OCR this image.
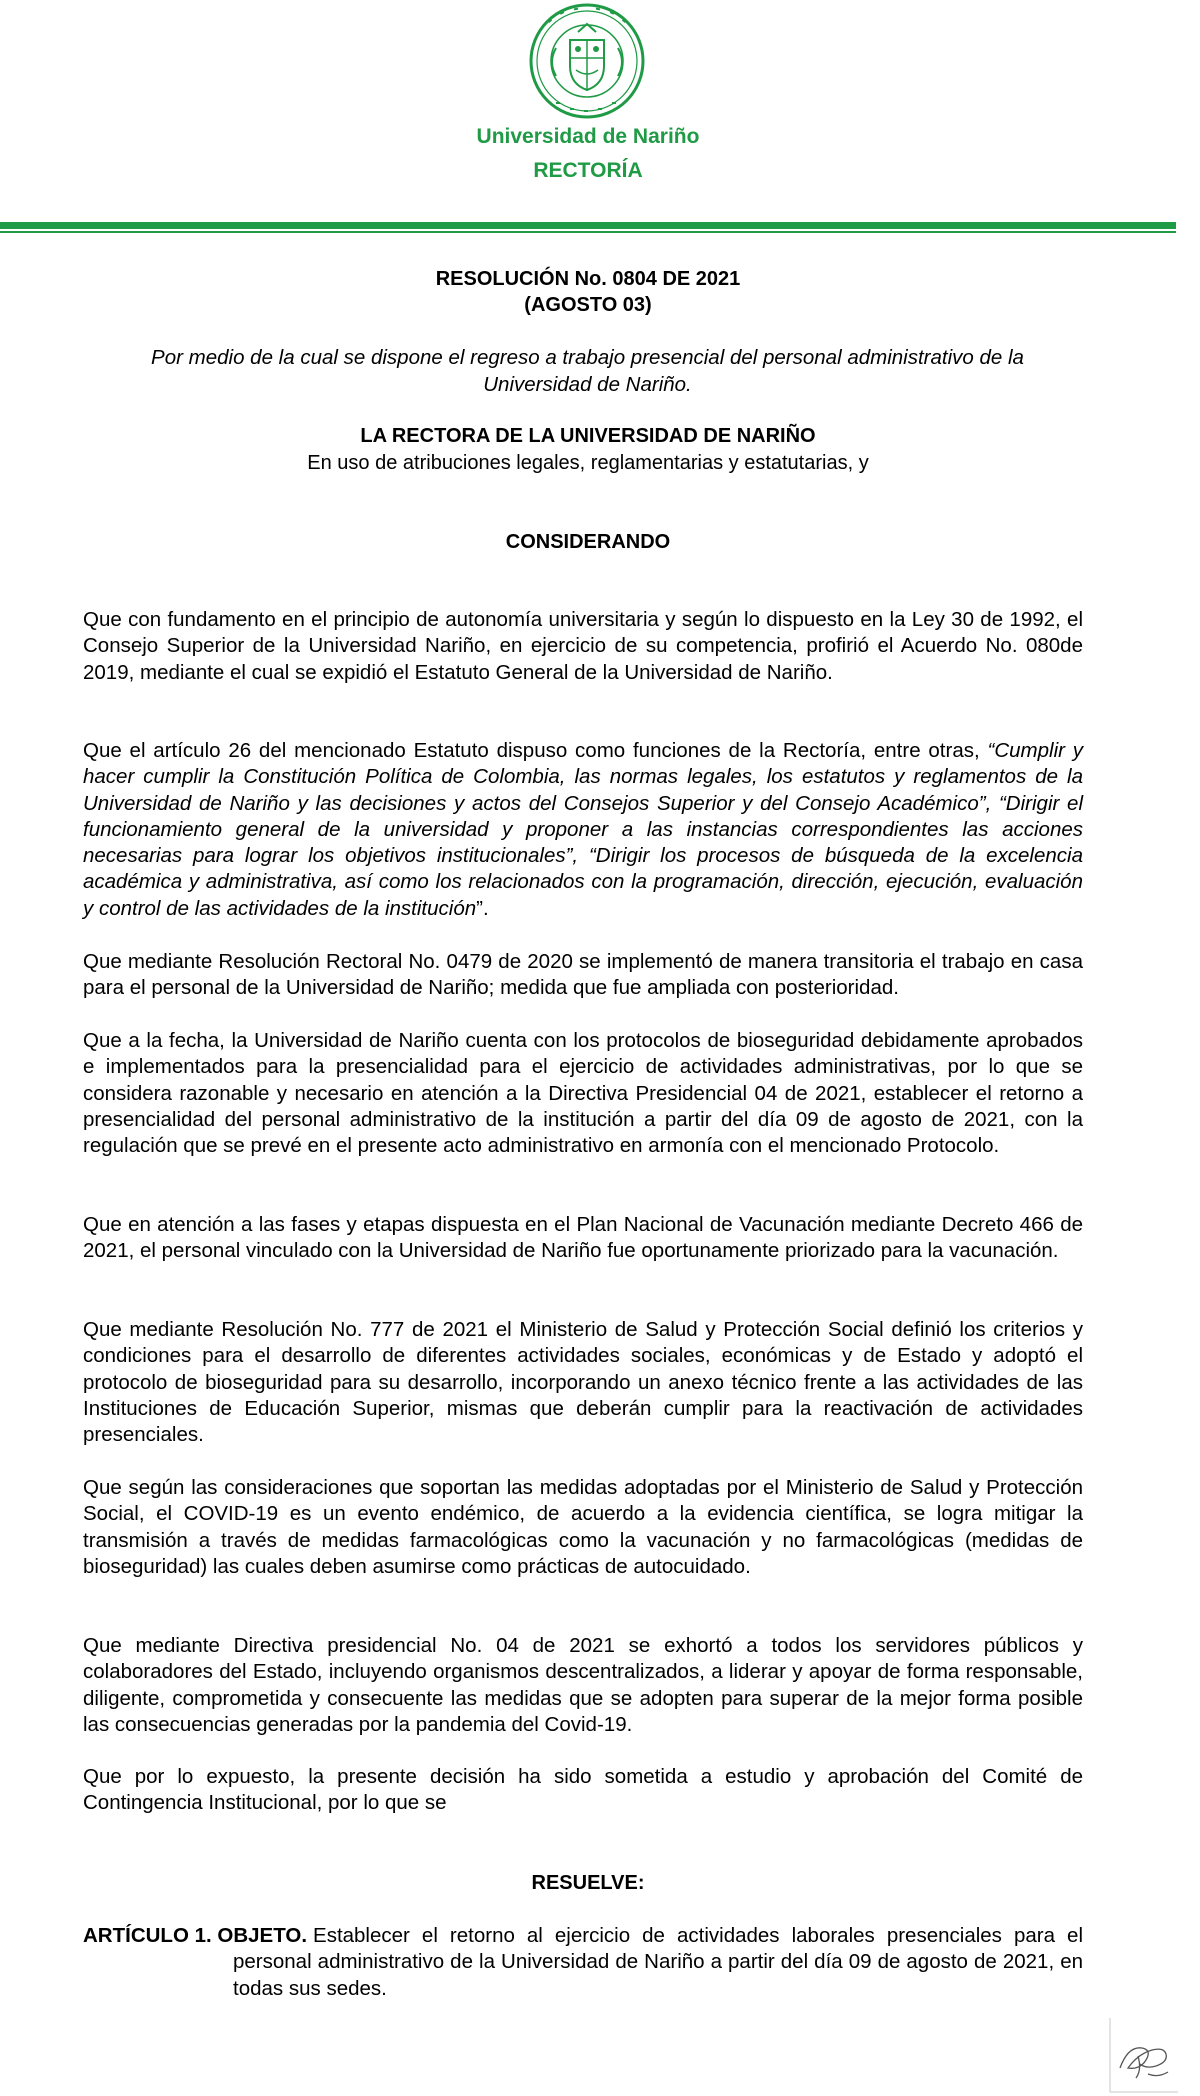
Universidad de Nariño
RECTORÍA
RESOLUCIÓN No. 0804 DE 2021
(AGOSTO 03)
Por medio de la cual se dispone el regreso a trabajo presencial del personal administrativo de la Universidad de Nariño.
LA RECTORA DE LA UNIVERSIDAD DE NARIÑO
En uso de atribuciones legales, reglamentarias y estatutarias, y
CONSIDERANDO
Que con fundamento en el principio de autonomía universitaria y según lo dispuesto en la Ley 30 de 1992, el Consejo Superior de la Universidad Nariño, en ejercicio de su competencia, profirió el Acuerdo No. 080de 2019, mediante el cual se expidió el Estatuto General de la Universidad de Nariño.
Que el artículo 26 del mencionado Estatuto dispuso como funciones de la Rectoría, entre otras, “Cumplir y hacer cumplir la Constitución Política de Colombia, las normas legales, los estatutos y reglamentos de la Universidad de Nariño y las decisiones y actos del Consejos Superior y del Consejo Académico”, “Dirigir el funcionamiento general de la universidad y proponer a las instancias correspondientes las acciones necesarias para lograr los objetivos institucionales”, “Dirigir los procesos de búsqueda de la excelencia académica y administrativa, así como los relacionados con la programación, dirección, ejecución, evaluación y control de las actividades de la institución”.
Que mediante Resolución Rectoral No. 0479 de 2020 se implementó de manera transitoria el trabajo en casa para el personal de la Universidad de Nariño; medida que fue ampliada con posterioridad.
Que a la fecha, la Universidad de Nariño cuenta con los protocolos de bioseguridad debidamente aprobados e implementados para la presencialidad para el ejercicio de actividades administrativas, por lo que se considera razonable y necesario en atención a la Directiva Presidencial 04 de 2021, establecer el retorno a presencialidad del personal administrativo de la institución a partir del día 09 de agosto de 2021, con la regulación que se prevé en el presente acto administrativo en armonía con el mencionado Protocolo.
Que en atención a las fases y etapas dispuesta en el Plan Nacional de Vacunación mediante Decreto 466 de 2021, el personal vinculado con la Universidad de Nariño fue oportunamente priorizado para la vacunación.
Que mediante Resolución No. 777 de 2021 el Ministerio de Salud y Protección Social definió los criterios y condiciones para el desarrollo de diferentes actividades sociales, económicas y de Estado y adoptó el protocolo de bioseguridad para su desarrollo, incorporando un anexo técnico frente a las actividades de las Instituciones de Educación Superior, mismas que deberán cumplir para la reactivación de actividades presenciales.
Que según las consideraciones que soportan las medidas adoptadas por el Ministerio de Salud y Protección Social, el COVID-19 es un evento endémico, de acuerdo a la evidencia científica, se logra mitigar la transmisión a través de medidas farmacológicas como la vacunación y no farmacológicas (medidas de bioseguridad) las cuales deben asumirse como prácticas de autocuidado.
Que mediante Directiva presidencial No. 04 de 2021 se exhortó a todos los servidores públicos y colaboradores del Estado, incluyendo organismos descentralizados, a liderar y apoyar de forma responsable, diligente, comprometida y consecuente las medidas que se adopten para superar de la mejor forma posible las consecuencias generadas por la pandemia del Covid-19.
Que por lo expuesto, la presente decisión ha sido sometida a estudio y aprobación del Comité de Contingencia Institucional, por lo que se
RESUELVE:
ARTÍCULO 1. OBJETO. Establecer el retorno al ejercicio de actividades laborales presenciales para el personal administrativo de la Universidad de Nariño a partir del día 09 de agosto de 2021, en todas sus sedes.
